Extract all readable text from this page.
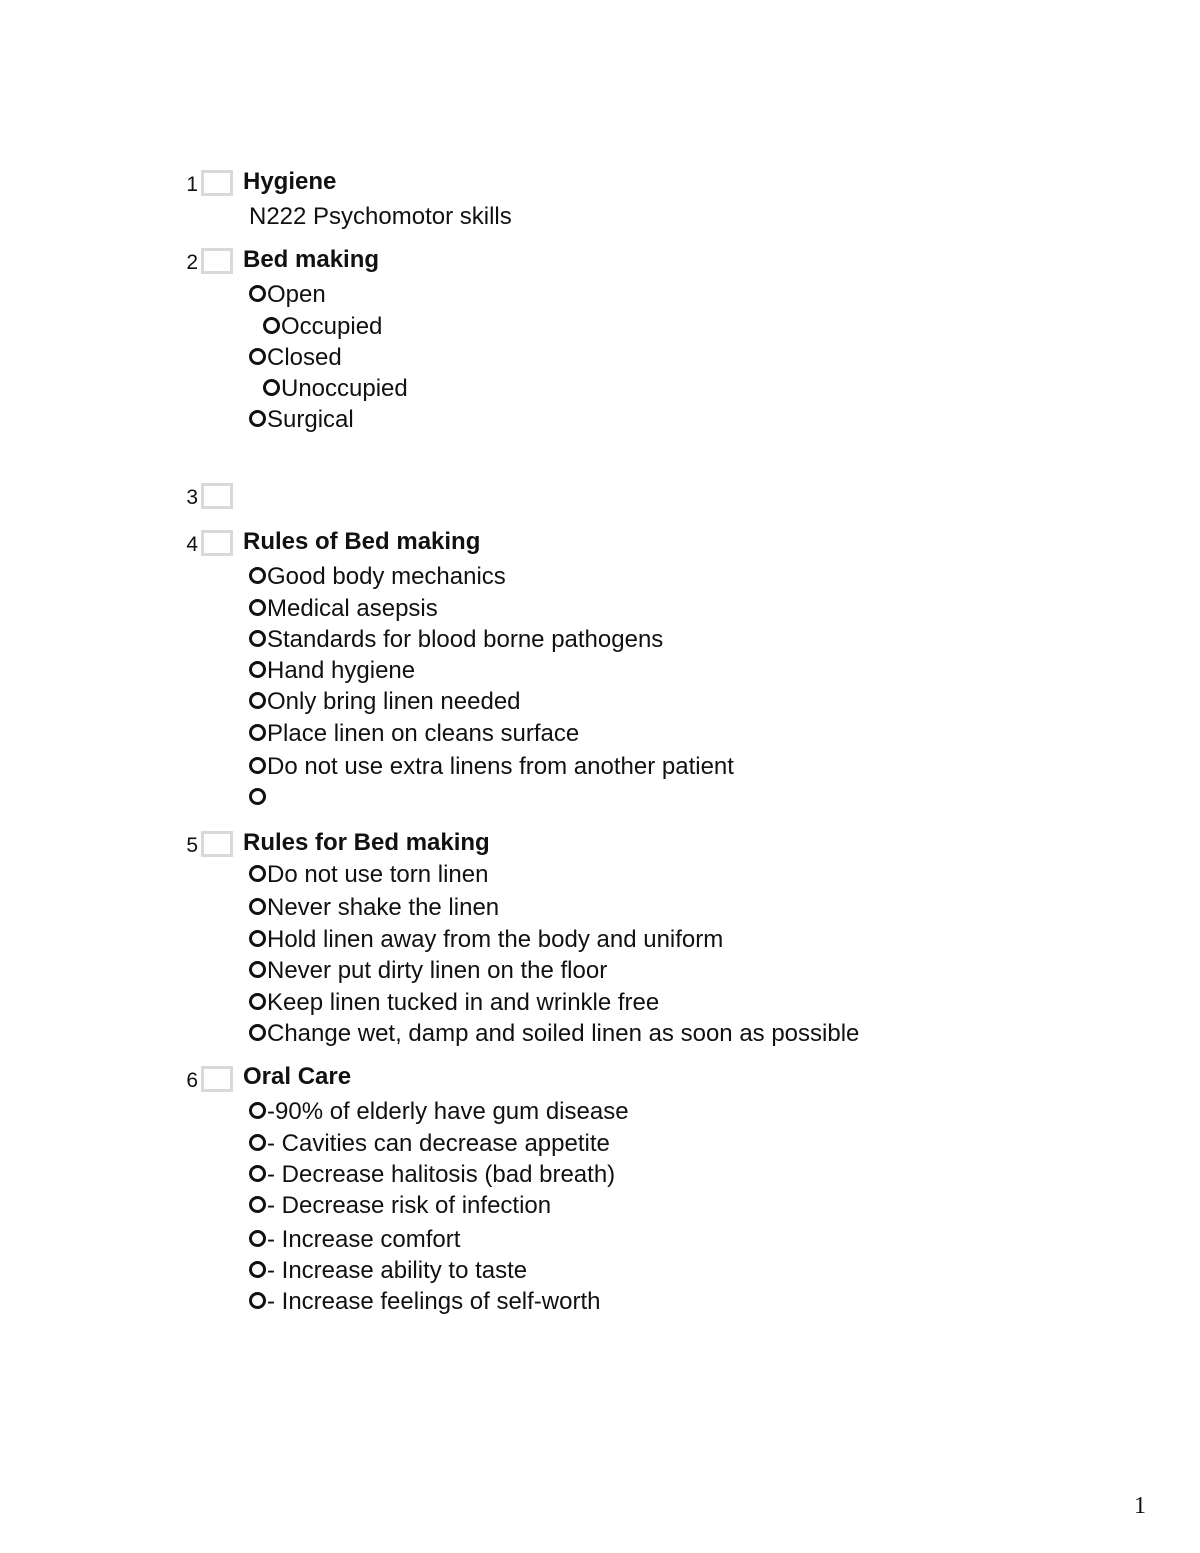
1 Hygiene
N222 Psychomotor skills
2 Bed making
Open
Occupied
Closed
Unoccupied
Surgical
3
4 Rules of Bed making
Good body mechanics
Medical asepsis
Standards for blood borne pathogens
Hand hygiene
Only bring linen needed
Place linen on cleans surface
Do not use extra linens from another patient
5 Rules for Bed making
Do not use torn linen
Never shake the linen
Hold linen away from the body and uniform
Never put dirty linen on the floor
Keep linen tucked in and wrinkle free
Change wet, damp and soiled linen as soon as possible
6 Oral Care
-90% of elderly have gum disease
- Cavities can decrease appetite
- Decrease halitosis (bad breath)
- Decrease risk of infection
- Increase comfort
- Increase ability to taste
- Increase feelings of self-worth
1
